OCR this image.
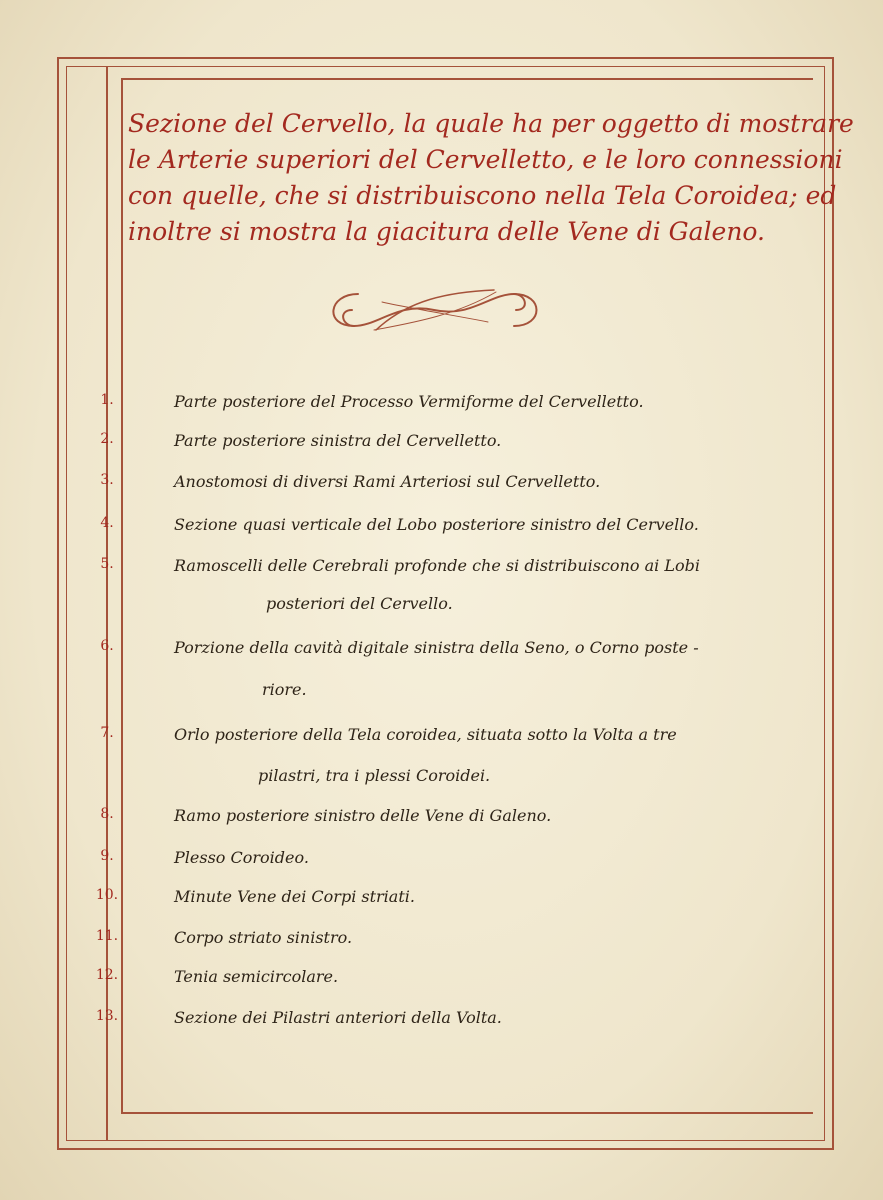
Sezione del Cervello, la quale ha per oggetto di mostrare
le Arterie superiori del Cervelletto, e le loro connessioni
con quelle, che si distribuiscono nella Tela Coroidea; ed
inoltre si mostra la giacitura delle Vene di Galeno.
1.	Parte posteriore del Processo Vermiforme del Cervelletto.
2.	Parte posteriore sinistra del Cervelletto.
3.	Anostomosi di diversi Rami Arteriosi sul Cervelletto.
4.	Sezione quasi verticale del Lobo posteriore sinistro del Cervello.
5.	Ramoscelli delle Cerebrali profonde che si distribuiscono ai Lobi
posteriori del Cervello.
6.	Porzione della cavità digitale sinistra della Seno, o Corno poste -
riore.
7.	Orlo posteriore della Tela coroidea, situata sotto la Volta a tre
pilastri, tra i plessi Coroidei.
8.	Ramo posteriore sinistro delle Vene di Galeno.
9.	Plesso Coroideo.
10.	Minute Vene dei Corpi striati.
11.	Corpo striato sinistro.
12.	Tenia semicircolare.
13.	Sezione dei Pilastri anteriori della Volta.
